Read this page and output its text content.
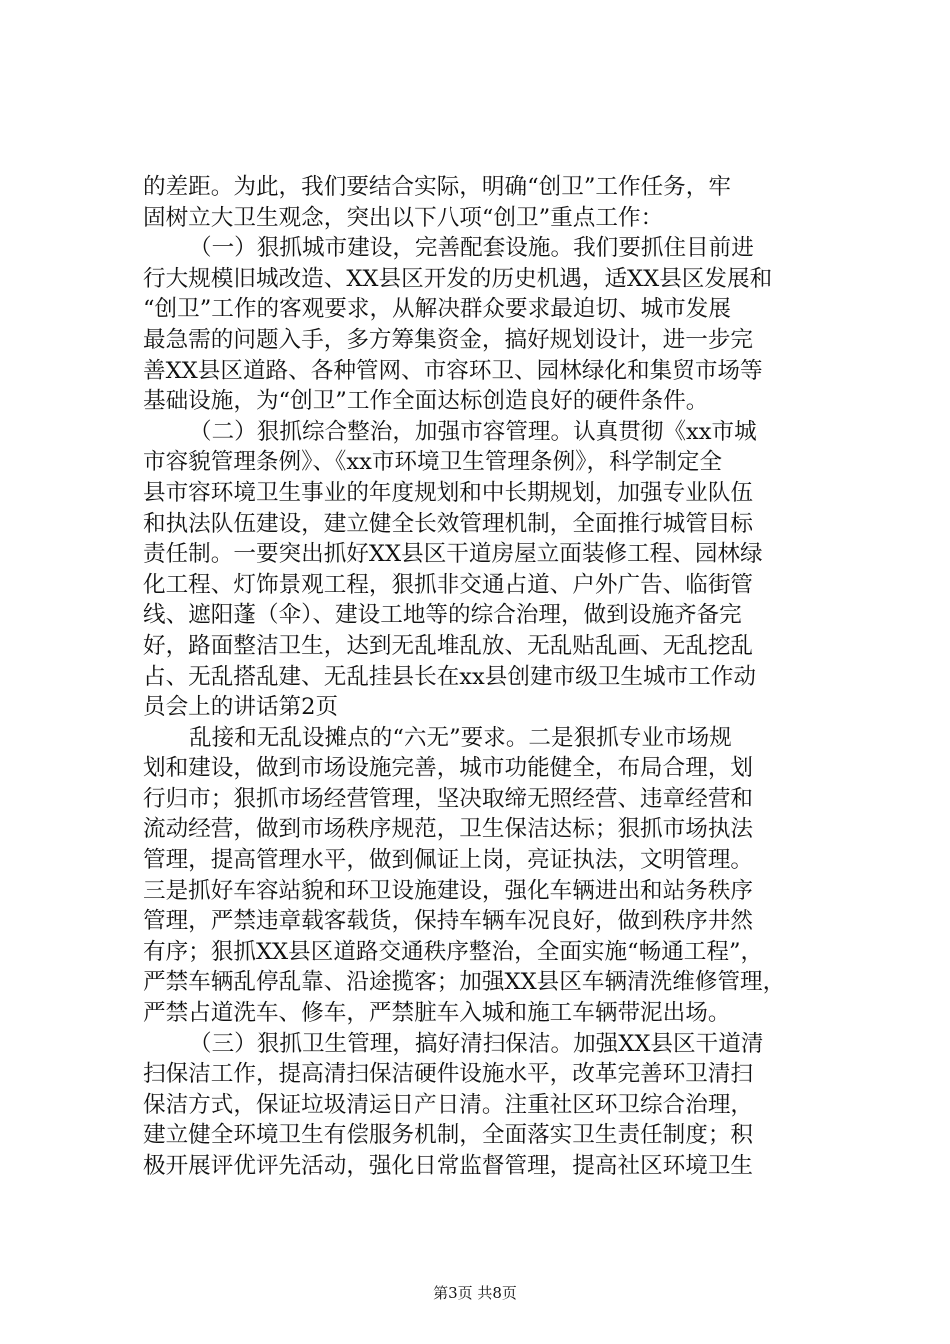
的差距。为此，我们要结合实际，明确“创卫”工作任务，牢
固树立大卫生观念，突出以下八项“创卫”重点工作：
（一）狠抓城市建设，完善配套设施。我们要抓住目前进
行大规模旧城改造、XX县区开发的历史机遇，适XX县区发展和
“创卫”工作的客观要求，从解决群众要求最迫切、城市发展
最急需的问题入手，多方筹集资金，搞好规划设计，进一步完
善XX县区道路、各种管网、市容环卫、园林绿化和集贸市场等
基础设施，为“创卫”工作全面达标创造良好的硬件条件。
（二）狠抓综合整治，加强市容管理。认真贯彻《xx市城
市容貌管理条例》、《xx市环境卫生管理条例》，科学制定全
县市容环境卫生事业的年度规划和中长期规划，加强专业队伍
和执法队伍建设，建立健全长效管理机制，全面推行城管目标
责任制。一要突出抓好XX县区干道房屋立面装修工程、园林绿
化工程、灯饰景观工程，狠抓非交通占道、户外广告、临街管
线、遮阳蓬（伞）、建设工地等的综合治理，做到设施齐备完
好，路面整洁卫生，达到无乱堆乱放、无乱贴乱画、无乱挖乱
占、无乱搭乱建、无乱挂县长在xx县创建市级卫生城市工作动
员会上的讲话第2页
乱接和无乱设摊点的“六无”要求。二是狠抓专业市场规
划和建设，做到市场设施完善，城市功能健全，布局合理，划
行归市；狠抓市场经营管理，坚决取缔无照经营、违章经营和
流动经营，做到市场秩序规范，卫生保洁达标；狠抓市场执法
管理，提高管理水平，做到佩证上岗，亮证执法，文明管理。
三是抓好车容站貌和环卫设施建设，强化车辆进出和站务秩序
管理，严禁违章载客载货，保持车辆车况良好，做到秩序井然
有序；狠抓XX县区道路交通秩序整治，全面实施“畅通工程”，
严禁车辆乱停乱靠、沿途揽客；加强XX县区车辆清洗维修管理，
严禁占道洗车、修车，严禁脏车入城和施工车辆带泥出场。
（三）狠抓卫生管理，搞好清扫保洁。加强XX县区干道清
扫保洁工作，提高清扫保洁硬件设施水平，改革完善环卫清扫
保洁方式，保证垃圾清运日产日清。注重社区环卫综合治理，
建立健全环境卫生有偿服务机制，全面落实卫生责任制度；积
极开展评优评先活动，强化日常监督管理，提高社区环境卫生
第3页 共8页
